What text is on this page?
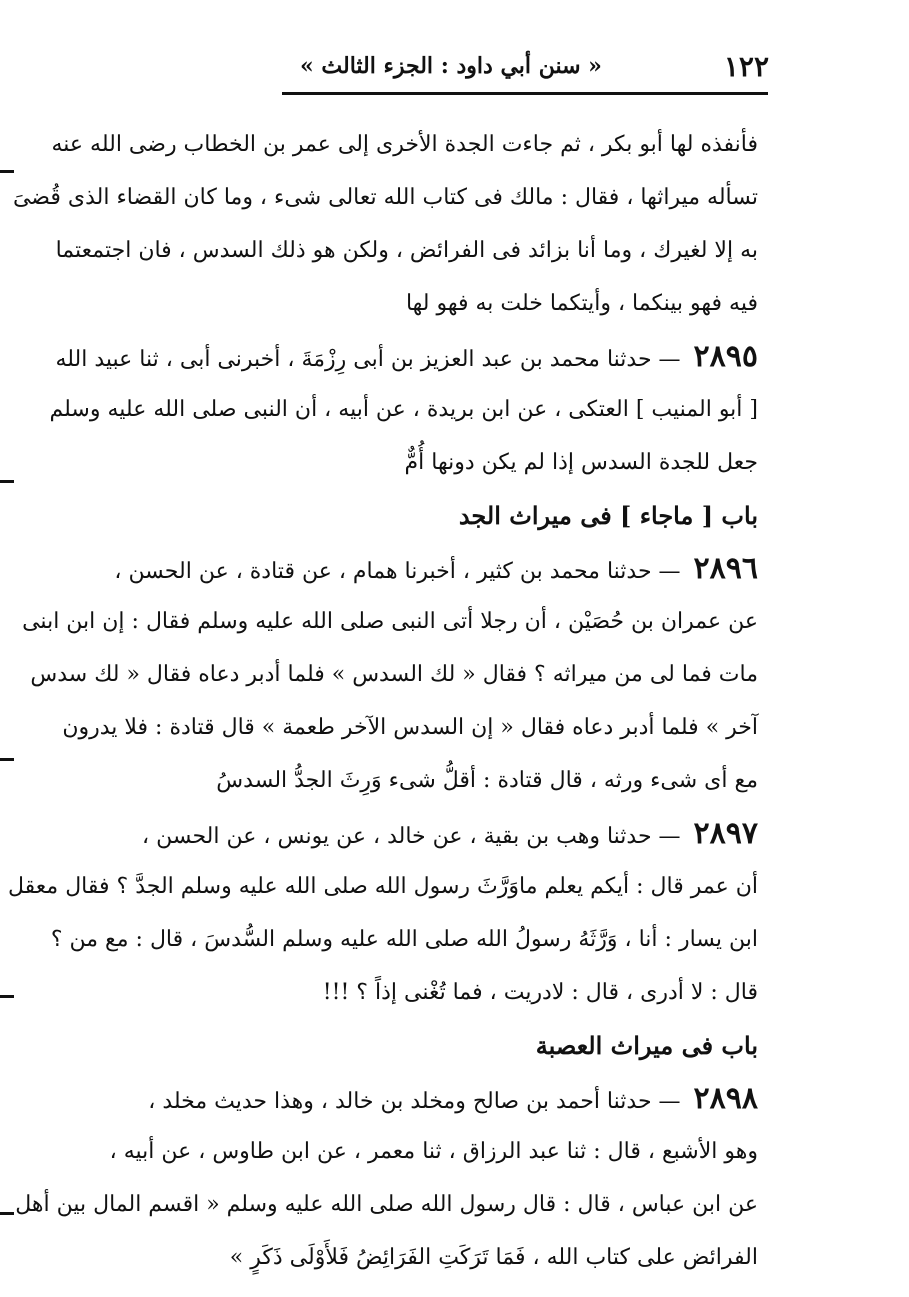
١٢٢
« سنن أبي داود : الجزء الثالث »
فأنفذه لها أبو بكر ، ثم جاءت الجدة الأخرى إلى عمر بن الخطاب رضى الله عنه
تسأله ميراثها ، فقال : مالك فى كتاب الله تعالى شىء ، وما كان القضاء الذى قُضىَ
به إلا لغيرك ، وما أنا بزائد فى الفرائض ، ولكن هو ذلك السدس ، فان اجتمعتما
فيه فهو بينكما ، وأيتكما خلت به فهو لها
٢٨٩٥ — حدثنا محمد بن عبد العزيز بن أبى رِزْمَةَ ، أخبرنى أبى ، ثنا عبيد الله
[ أبو المنيب ] العتكى ، عن ابن بريدة ، عن أبيه ، أن النبى صلى الله عليه وسلم
جعل للجدة السدس إذا لم يكن دونها أُمٌّ
باب [ ماجاء ] فى ميراث الجد
٢٨٩٦ — حدثنا محمد بن كثير ، أخبرنا همام ، عن قتادة ، عن الحسن ،
عن عمران بن حُصَيْن ، أن رجلا أتى النبى صلى الله عليه وسلم فقال : إن ابن ابنى
مات فما لى من ميراثه ؟ فقال « لك السدس » فلما أدبر دعاه فقال « لك سدس
آخر » فلما أدبر دعاه فقال « إن السدس الآخر طعمة » قال قتادة : فلا يدرون
مع أى شىء ورثه ، قال قتادة : أقلُّ شىء وَرِثَ الجدُّ السدسُ
٢٨٩٧ — حدثنا وهب بن بقية ، عن خالد ، عن يونس ، عن الحسن ،
أن عمر قال : أيكم يعلم ماوَرَّثَ رسول الله صلى الله عليه وسلم الجدَّ ؟ فقال معقل
ابن يسار : أنا ، وَرَّثَهُ رسولُ الله صلى الله عليه وسلم السُّدسَ ، قال : مع من ؟
قال : لا أدرى ، قال : لادريت ، فما تُغْنى إذاً ؟ !!!
باب فى ميراث العصبة
٢٨٩٨ — حدثنا أحمد بن صالح ومخلد بن خالد ، وهذا حديث مخلد ،
وهو الأشبع ، قال : ثنا عبد الرزاق ، ثنا معمر ، عن ابن طاوس ، عن أبيه ،
عن ابن عباس ، قال : قال رسول الله صلى الله عليه وسلم « اقسم المال بين أهل
الفرائض على كتاب الله ، فَمَا تَرَكَتِ الفَرَائِضُ فَلأَوْلَى ذَكَرٍ »
